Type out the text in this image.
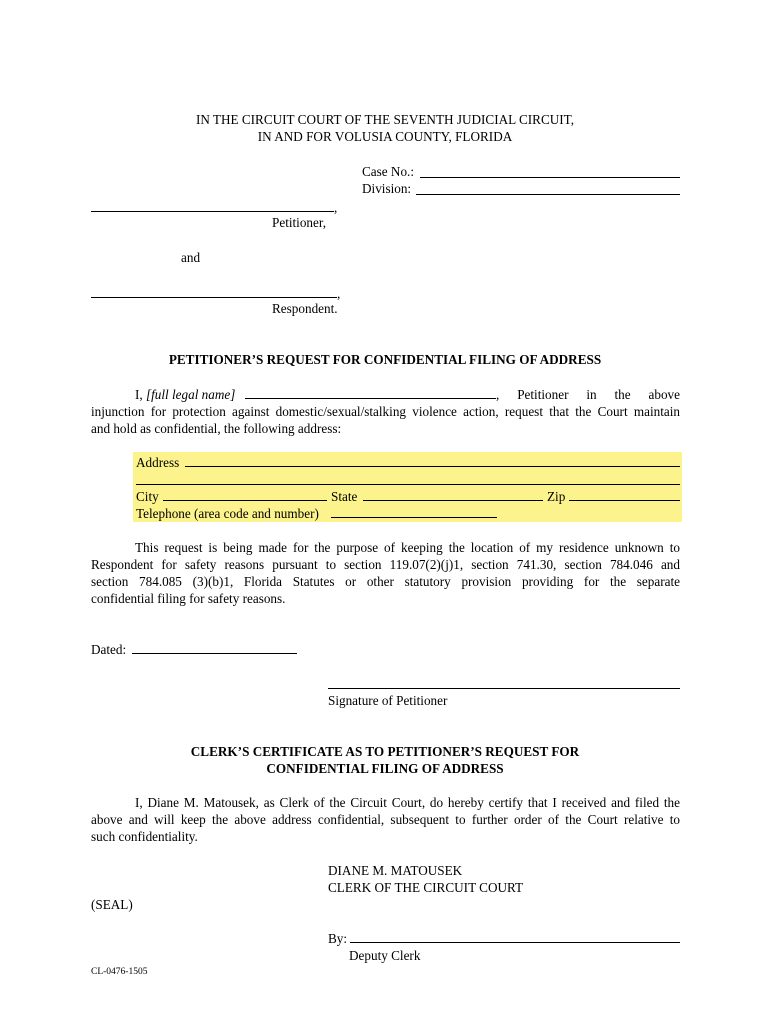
IN THE CIRCUIT COURT OF THE SEVENTH JUDICIAL CIRCUIT,
IN AND FOR VOLUSIA COUNTY, FLORIDA
Case No.:
Division:
,
Petitioner,
and
,
Respondent.
PETITIONER’S REQUEST FOR CONFIDENTIAL FILING OF ADDRESS
I, [full legal name]	, Petitioner in the above
injunction for protection against domestic/sexual/stalking violence action, request that the Court maintain
and hold as confidential, the following address:
Address
City	State	Zip
Telephone (area code and number)
This request is being made for the purpose of keeping the location of my residence unknown to
Respondent for safety reasons pursuant to section 119.07(2)(j)1, section 741.30, section 784.046 and
section 784.085 (3)(b)1, Florida Statutes or other statutory provision providing for the separate
confidential filing for safety reasons.
Dated:
Signature of Petitioner
CLERK’S CERTIFICATE AS TO PETITIONER’S REQUEST FOR
CONFIDENTIAL FILING OF ADDRESS
I, Diane M. Matousek, as Clerk of the Circuit Court, do hereby certify that I received and filed the
above and will keep the above address confidential, subsequent to further order of the Court relative to
such confidentiality.
DIANE M. MATOUSEK
CLERK OF THE CIRCUIT COURT
(SEAL)
By:
Deputy Clerk
CL-0476-1505
